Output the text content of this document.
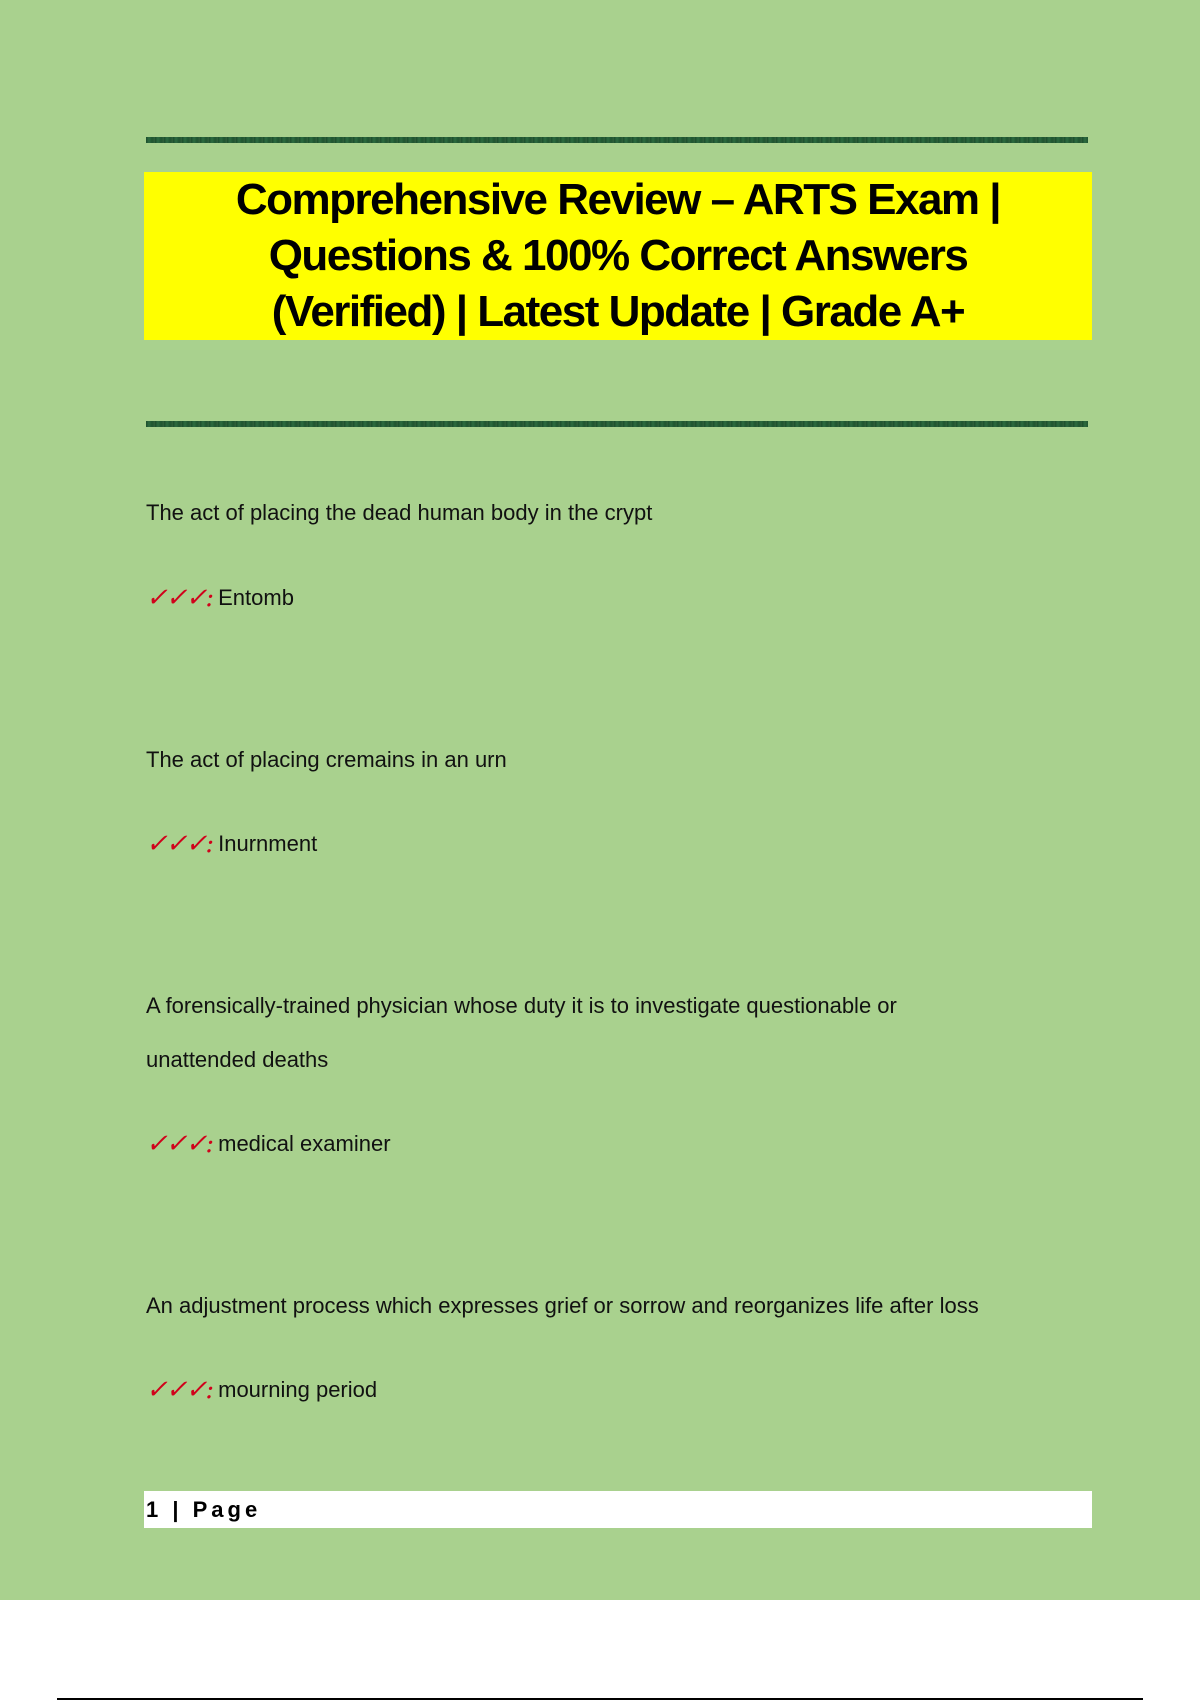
Comprehensive Review – ARTS Exam |
Questions & 100% Correct Answers
(Verified) | Latest Update | Grade A+
The act of placing the dead human body in the crypt
✓✓✓: Entomb
The act of placing cremains in an urn
✓✓✓: Inurnment
A forensically-trained physician whose duty it is to investigate questionable or
unattended deaths
✓✓✓: medical examiner
An adjustment process which expresses grief or sorrow and reorganizes life after loss
✓✓✓: mourning period
1 | Page
